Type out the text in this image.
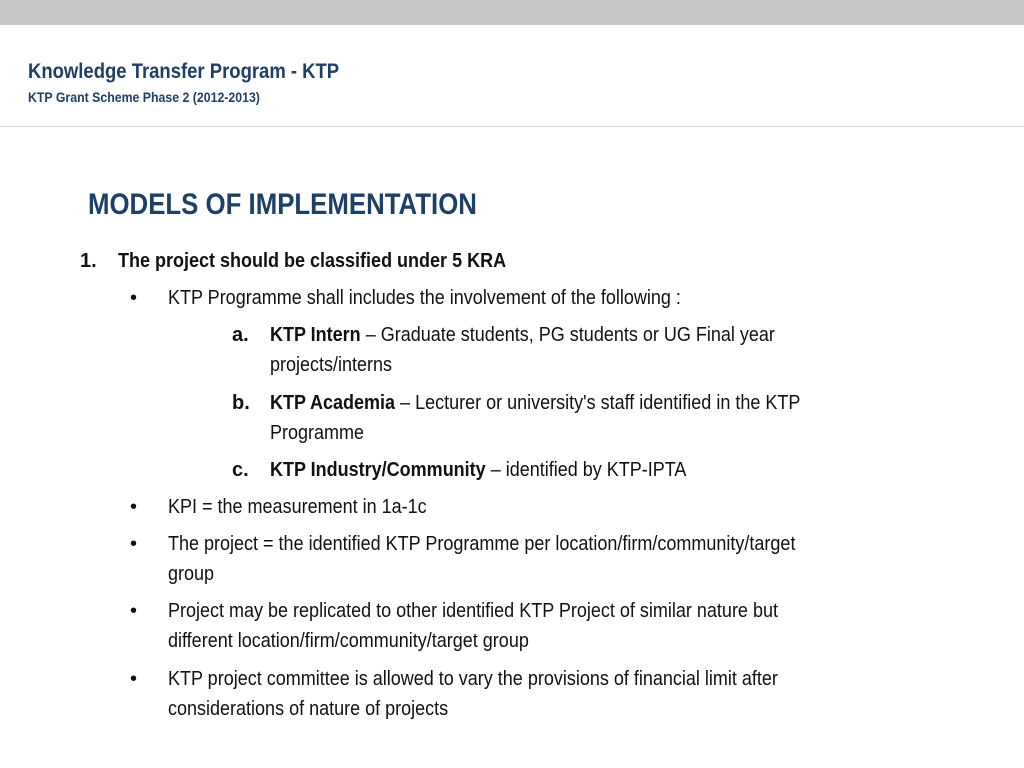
Knowledge Transfer Program - KTP
KTP Grant Scheme Phase 2 (2012-2013)
MODELS OF IMPLEMENTATION
1. The project should be classified under 5 KRA
• KTP Programme shall includes the involvement of the following :
a. KTP Intern – Graduate students, PG students or UG Final year
projects/interns
b. KTP Academia – Lecturer or university's staff identified in the KTP
Programme
c. KTP Industry/Community – identified by KTP-IPTA
• KPI = the measurement in 1a-1c
• The project = the identified KTP Programme per location/firm/community/target
group
• Project may be replicated to other identified KTP Project of similar nature but
different location/firm/community/target group
• KTP project committee is allowed to vary the provisions of financial limit after
considerations of nature of projects
